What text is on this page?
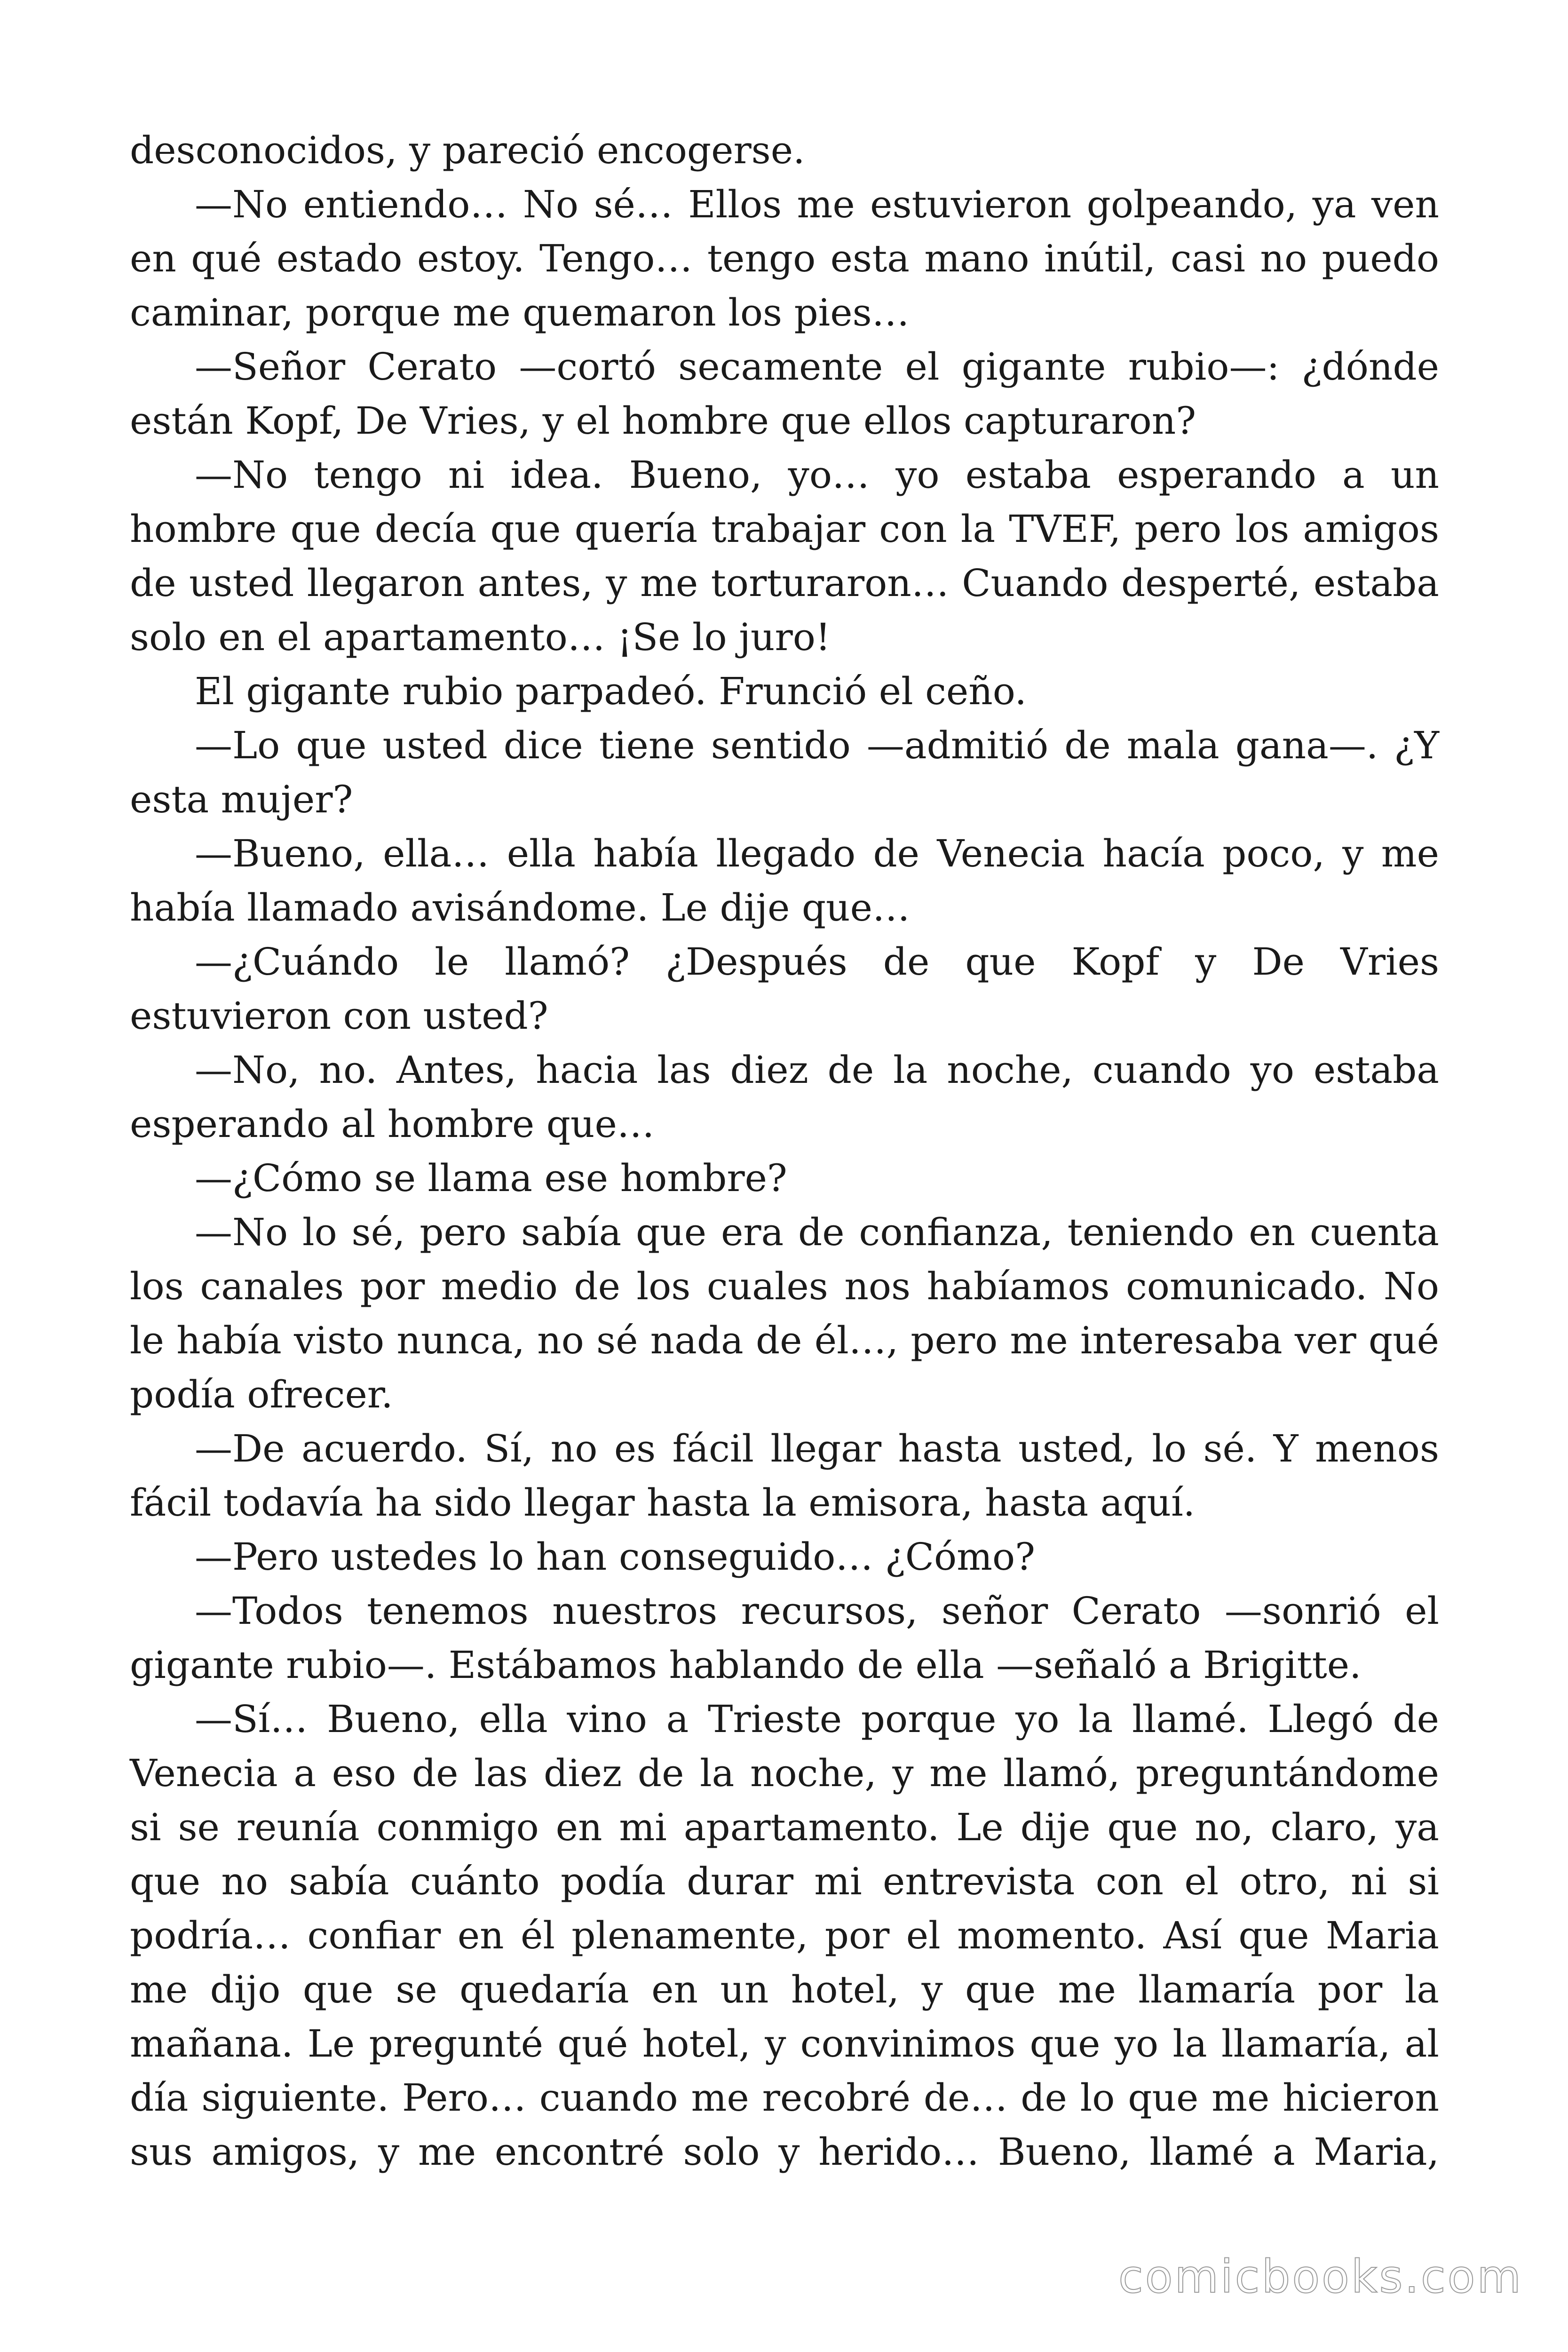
desconocidos, y pareció encogerse.
—No entiendo… No sé… Ellos me estuvieron golpeando, ya ven
en qué estado estoy. Tengo… tengo esta mano inútil, casi no puedo
caminar, porque me quemaron los pies…
—Señor Cerato —cortó secamente el gigante rubio—: ¿dónde
están Kopf, De Vries, y el hombre que ellos capturaron?
—No tengo ni idea. Bueno, yo… yo estaba esperando a un
hombre que decía que quería trabajar con la TVEF, pero los amigos
de usted llegaron antes, y me torturaron… Cuando desperté, estaba
solo en el apartamento… ¡Se lo juro!
El gigante rubio parpadeó. Frunció el ceño.
—Lo que usted dice tiene sentido —admitió de mala gana—. ¿Y
esta mujer?
—Bueno, ella… ella había llegado de Venecia hacía poco, y me
había llamado avisándome. Le dije que…
—¿Cuándo le llamó? ¿Después de que Kopf y De Vries
estuvieron con usted?
—No, no. Antes, hacia las diez de la noche, cuando yo estaba
esperando al hombre que…
—¿Cómo se llama ese hombre?
—No lo sé, pero sabía que era de confianza, teniendo en cuenta
los canales por medio de los cuales nos habíamos comunicado. No
le había visto nunca, no sé nada de él…, pero me interesaba ver qué
podía ofrecer.
—De acuerdo. Sí, no es fácil llegar hasta usted, lo sé. Y menos
fácil todavía ha sido llegar hasta la emisora, hasta aquí.
—Pero ustedes lo han conseguido… ¿Cómo?
—Todos tenemos nuestros recursos, señor Cerato —sonrió el
gigante rubio—. Estábamos hablando de ella —señaló a Brigitte.
—Sí… Bueno, ella vino a Trieste porque yo la llamé. Llegó de
Venecia a eso de las diez de la noche, y me llamó, preguntándome
si se reunía conmigo en mi apartamento. Le dije que no, claro, ya
que no sabía cuánto podía durar mi entrevista con el otro, ni si
podría… confiar en él plenamente, por el momento. Así que Maria
me dijo que se quedaría en un hotel, y que me llamaría por la
mañana. Le pregunté qué hotel, y convinimos que yo la llamaría, al
día siguiente. Pero… cuando me recobré de… de lo que me hicieron
sus amigos, y me encontré solo y herido… Bueno, llamé a Maria,
comicbooks.com
